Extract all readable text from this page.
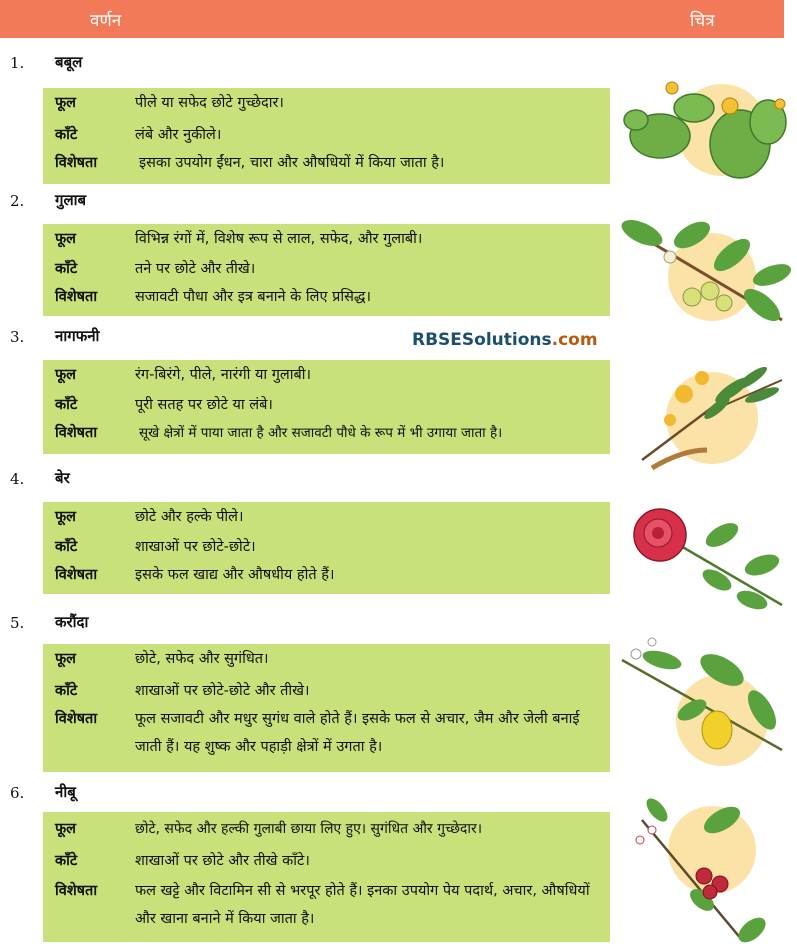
वर्णन	चित्र
1. बबूल
फूल	पीले या सफेद छोटे गुच्छेदार।
काँटे	लंबे और नुकीले।
विशेषता	इसका उपयोग ईंधन, चारा और औषधियों में किया जाता है।
2. गुलाब
फूल	विभिन्न रंगों में, विशेष रूप से लाल, सफेद, और गुलाबी।
काँटे	तने पर छोटे और तीखे।
विशेषता	सजावटी पौधा और इत्र बनाने के लिए प्रसिद्ध।
3. नागफनी
फूल	रंग-बिरंगे, पीले, नारंगी या गुलाबी।
काँटे	पूरी सतह पर छोटे या लंबे।
विशेषता	सूखे क्षेत्रों में पाया जाता है और सजावटी पौधे के रूप में भी उगाया जाता है।
4. बेर
फूल	छोटे और हल्के पीले।
काँटे	शाखाओं पर छोटे-छोटे।
विशेषता	इसके फल खाद्य और औषधीय होते हैं।
5. करौंदा
फूल	छोटे, सफेद और सुगंधित।
काँटे	शाखाओं पर छोटे-छोटे और तीखे।
विशेषता	फूल सजावटी और मधुर सुगंध वाले होते हैं। इसके फल से अचार, जैम और जेली बनाई जाती हैं। यह शुष्क और पहाड़ी क्षेत्रों में उगता है।
6. नीबू
फूल	छोटे, सफेद और हल्की गुलाबी छाया लिए हुए। सुगंधित और गुच्छेदार।
काँटे	शाखाओं पर छोटे और तीखे काँटे।
विशेषता	फल खट्टे और विटामिन सी से भरपूर होते हैं। इनका उपयोग पेय पदार्थ, अचार, औषधियों और खाना बनाने में किया जाता है।
RBSESolutions.com
